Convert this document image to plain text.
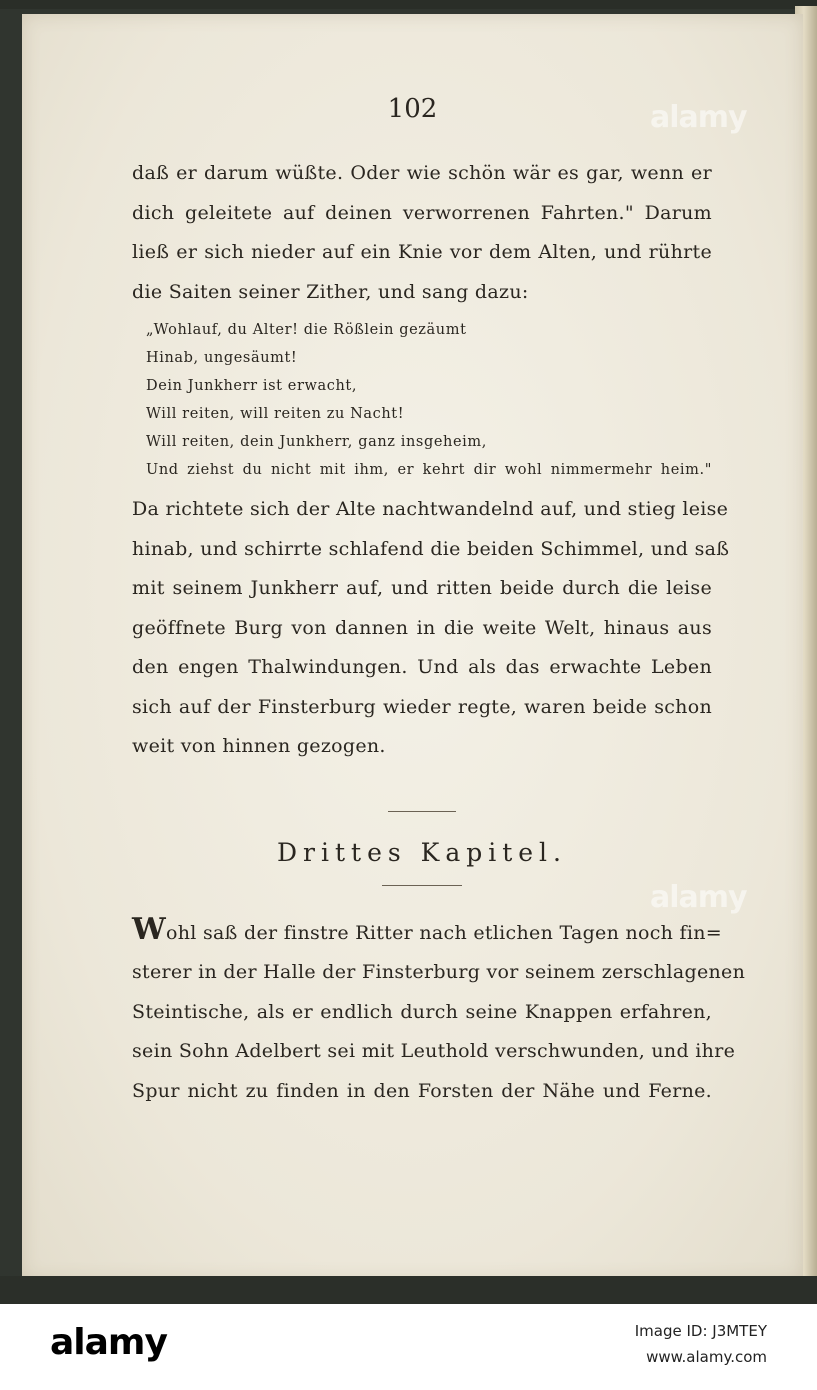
102
daß er darum wüßte. Oder wie schön wär es gar, wenn er
dich geleitete auf deinen verworrenen Fahrten." Darum
ließ er sich nieder auf ein Knie vor dem Alten, und rührte
die Saiten seiner Zither, und sang dazu:
„Wohlauf, du Alter! die Rößlein gezäumt
Hinab, ungesäumt!
Dein Junkherr ist erwacht,
Will reiten, will reiten zu Nacht!
Will reiten, dein Junkherr, ganz insgeheim,
Und ziehst du nicht mit ihm, er kehrt dir wohl nimmermehr heim."
Da richtete sich der Alte nachtwandelnd auf, und stieg leise
hinab, und schirrte schlafend die beiden Schimmel, und saß
mit seinem Junkherr auf, und ritten beide durch die leise
geöffnete Burg von dannen in die weite Welt, hinaus aus
den engen Thalwindungen. Und als das erwachte Leben
sich auf der Finsterburg wieder regte, waren beide schon
weit von hinnen gezogen.
Drittes Kapitel.
Wohl saß der finstre Ritter nach etlichen Tagen noch fin=
sterer in der Halle der Finsterburg vor seinem zerschlagenen
Steintische, als er endlich durch seine Knappen erfahren,
sein Sohn Adelbert sei mit Leuthold verschwunden, und ihre
Spur nicht zu finden in den Forsten der Nähe und Ferne.
alamy
alamy
alamy	Image ID: J3MTEY
www.alamy.com
